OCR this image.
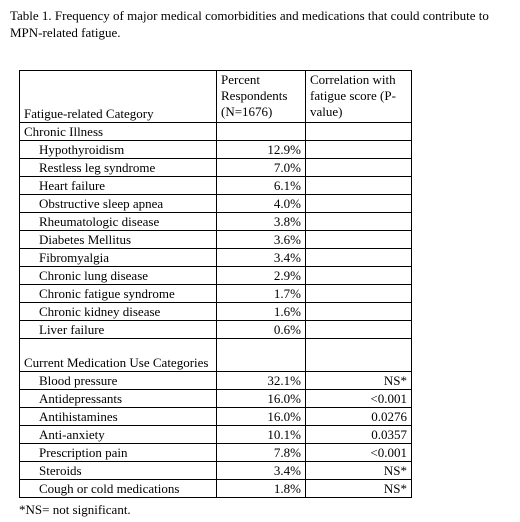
Table 1. Frequency of major medical comorbidities and medications that could contribute to MPN-related fatigue.
Fatigue-related Category	Percent Respondents (N=1676)	Correlation with fatigue score (P-value)
Chronic Illness		
Hypothyroidism	12.9%	
Restless leg syndrome	7.0%	
Heart failure	6.1%	
Obstructive sleep apnea	4.0%	
Rheumatologic disease	3.8%	
Diabetes Mellitus	3.6%	
Fibromyalgia	3.4%	
Chronic lung disease	2.9%	
Chronic fatigue syndrome	1.7%	
Chronic kidney disease	1.6%	
Liver failure	0.6%	
Current Medication Use Categories		
Blood pressure	32.1%	NS*
Antidepressants	16.0%	<0.001
Antihistamines	16.0%	0.0276
Anti-anxiety	10.1%	0.0357
Prescription pain	7.8%	<0.001
Steroids	3.4%	NS*
Cough or cold medications	1.8%	NS*
*NS= not significant.
